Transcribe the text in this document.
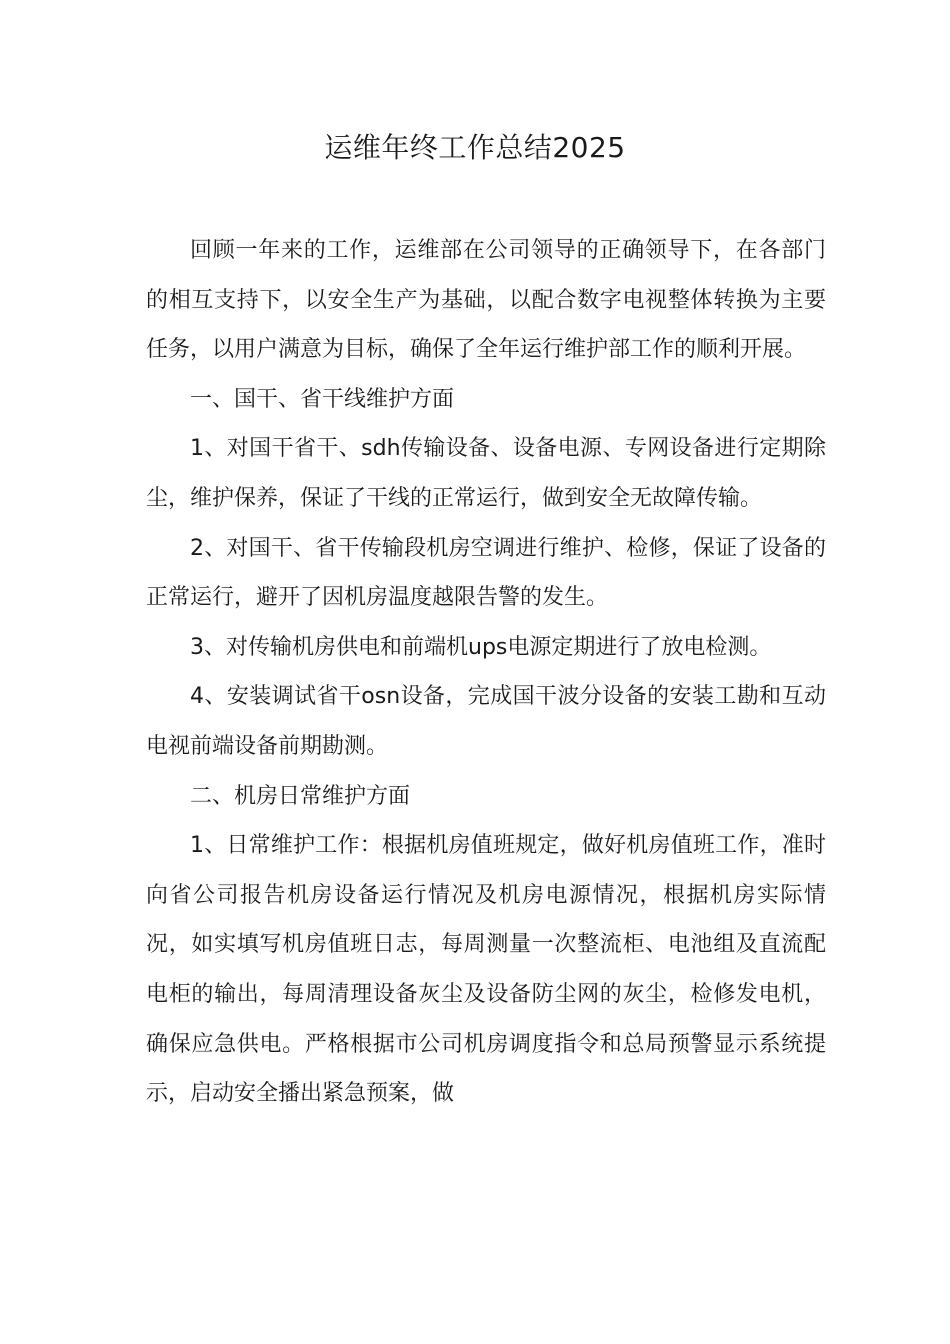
运维年终工作总结2025

回顾一年来的工作，运维部在公司领导的正确领导下，在各部门的相互支持下，以安全生产为基础，以配合数字电视整体转换为主要任务，以用户满意为目标，确保了全年运行维护部工作的顺利开展。

一、国干、省干线维护方面

1、对国干省干、sdh传输设备、设备电源、专网设备进行定期除尘，维护保养，保证了干线的正常运行，做到安全无故障传输。

2、对国干、省干传输段机房空调进行维护、检修，保证了设备的正常运行，避开了因机房温度越限告警的发生。

3、对传输机房供电和前端机ups电源定期进行了放电检测。

4、安装调试省干osn设备，完成国干波分设备的安装工勘和互动电视前端设备前期勘测。

二、机房日常维护方面

1、日常维护工作：根据机房值班规定，做好机房值班工作，准时向省公司报告机房设备运行情况及机房电源情况，根据机房实际情况，如实填写机房值班日志，每周测量一次整流柜、电池组及直流配电柜的输出，每周清理设备灰尘及设备防尘网的灰尘，检修发电机，确保应急供电。严格根据市公司机房调度指令和总局预警显示系统提示，启动安全播出紧急预案，做
